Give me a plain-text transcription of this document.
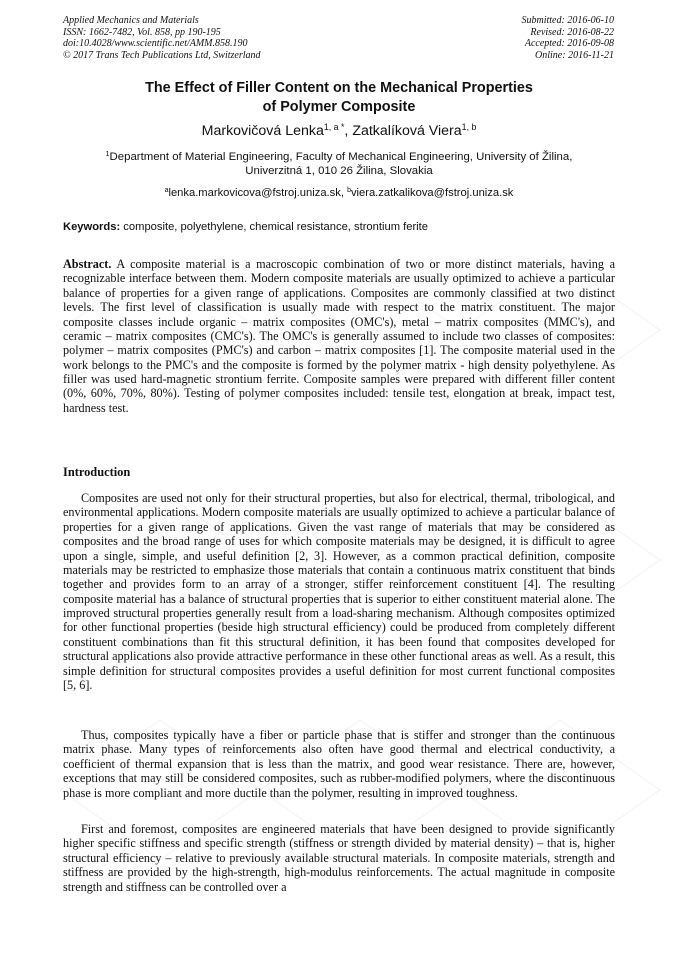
Applied Mechanics and Materials
ISSN: 1662-7482, Vol. 858, pp 190-195
doi:10.4028/www.scientific.net/AMM.858.190
© 2017 Trans Tech Publications Ltd, Switzerland
Submitted: 2016-06-10
Revised: 2016-08-22
Accepted: 2016-09-08
Online: 2016-11-21
The Effect of Filler Content on the Mechanical Properties
of Polymer Composite
Markovičová Lenka$^{1, a *}$, Zatkalíková Viera$^{1, b}$
$^1$Department of Material Engineering, Faculty of Mechanical Engineering, University of Žilina,
Univerzitná 1, 010 26 Žilina, Slovakia
$^a$lenka.markovicova@fstroj.uniza.sk, $^b$viera.zatkalikova@fstroj.uniza.sk
Keywords: composite, polyethylene, chemical resistance, strontium ferite

Abstract. A composite material is a macroscopic combination of two or more distinct materials, having a recognizable interface between them. Modern composite materials are usually optimized to achieve a particular balance of properties for a given range of applications. Composites are commonly classified at two distinct levels. The first level of classification is usually made with respect to the matrix constituent. The major composite classes include organic – matrix composites (OMC's), metal – matrix composites (MMC's), and ceramic – matrix composites (CMC's). The OMC's is generally assumed to include two classes of composites: polymer – matrix composites (PMC's) and carbon – matrix composites [1]. The composite material used in the work belongs to the PMC's and the composite is formed by the polymer matrix - high density polyethylene. As filler was used hard-magnetic strontium ferrite. Composite samples were prepared with different filler content (0%, 60%, 70%, 80%). Testing of polymer composites included: tensile test, elongation at break, impact test, hardness test.

Introduction

Composites are used not only for their structural properties, but also for electrical, thermal, tribological, and environmental applications. Modern composite materials are usually optimized to achieve a particular balance of properties for a given range of applications. Given the vast range of materials that may be considered as composites and the broad range of uses for which composite materials may be designed, it is difficult to agree upon a single, simple, and useful definition [2, 3]. However, as a common practical definition, composite materials may be restricted to emphasize those materials that contain a continuous matrix constituent that binds together and provides form to an array of a stronger, stiffer reinforcement constituent [4]. The resulting composite material has a balance of structural properties that is superior to either constituent material alone. The improved structural properties generally result from a load-sharing mechanism. Although composites optimized for other functional properties (beside high structural efficiency) could be produced from completely different constituent combinations than fit this structural definition, it has been found that composites developed for structural applications also provide attractive performance in these other functional areas as well. As a result, this simple definition for structural composites provides a useful definition for most current functional composites [5, 6].

Thus, composites typically have a fiber or particle phase that is stiffer and stronger than the continuous matrix phase. Many types of reinforcements also often have good thermal and electrical conductivity, a coefficient of thermal expansion that is less than the matrix, and good wear resistance. There are, however, exceptions that may still be considered composites, such as rubber-modified polymers, where the discontinuous phase is more compliant and more ductile than the polymer, resulting in improved toughness.

First and foremost, composites are engineered materials that have been designed to provide significantly higher specific stiffness and specific strength (stiffness or strength divided by material density) – that is, higher structural efficiency – relative to previously available structural materials. In composite materials, strength and stiffness are provided by the high-strength, high-modulus reinforcements. The actual magnitude in composite strength and stiffness can be controlled over a
